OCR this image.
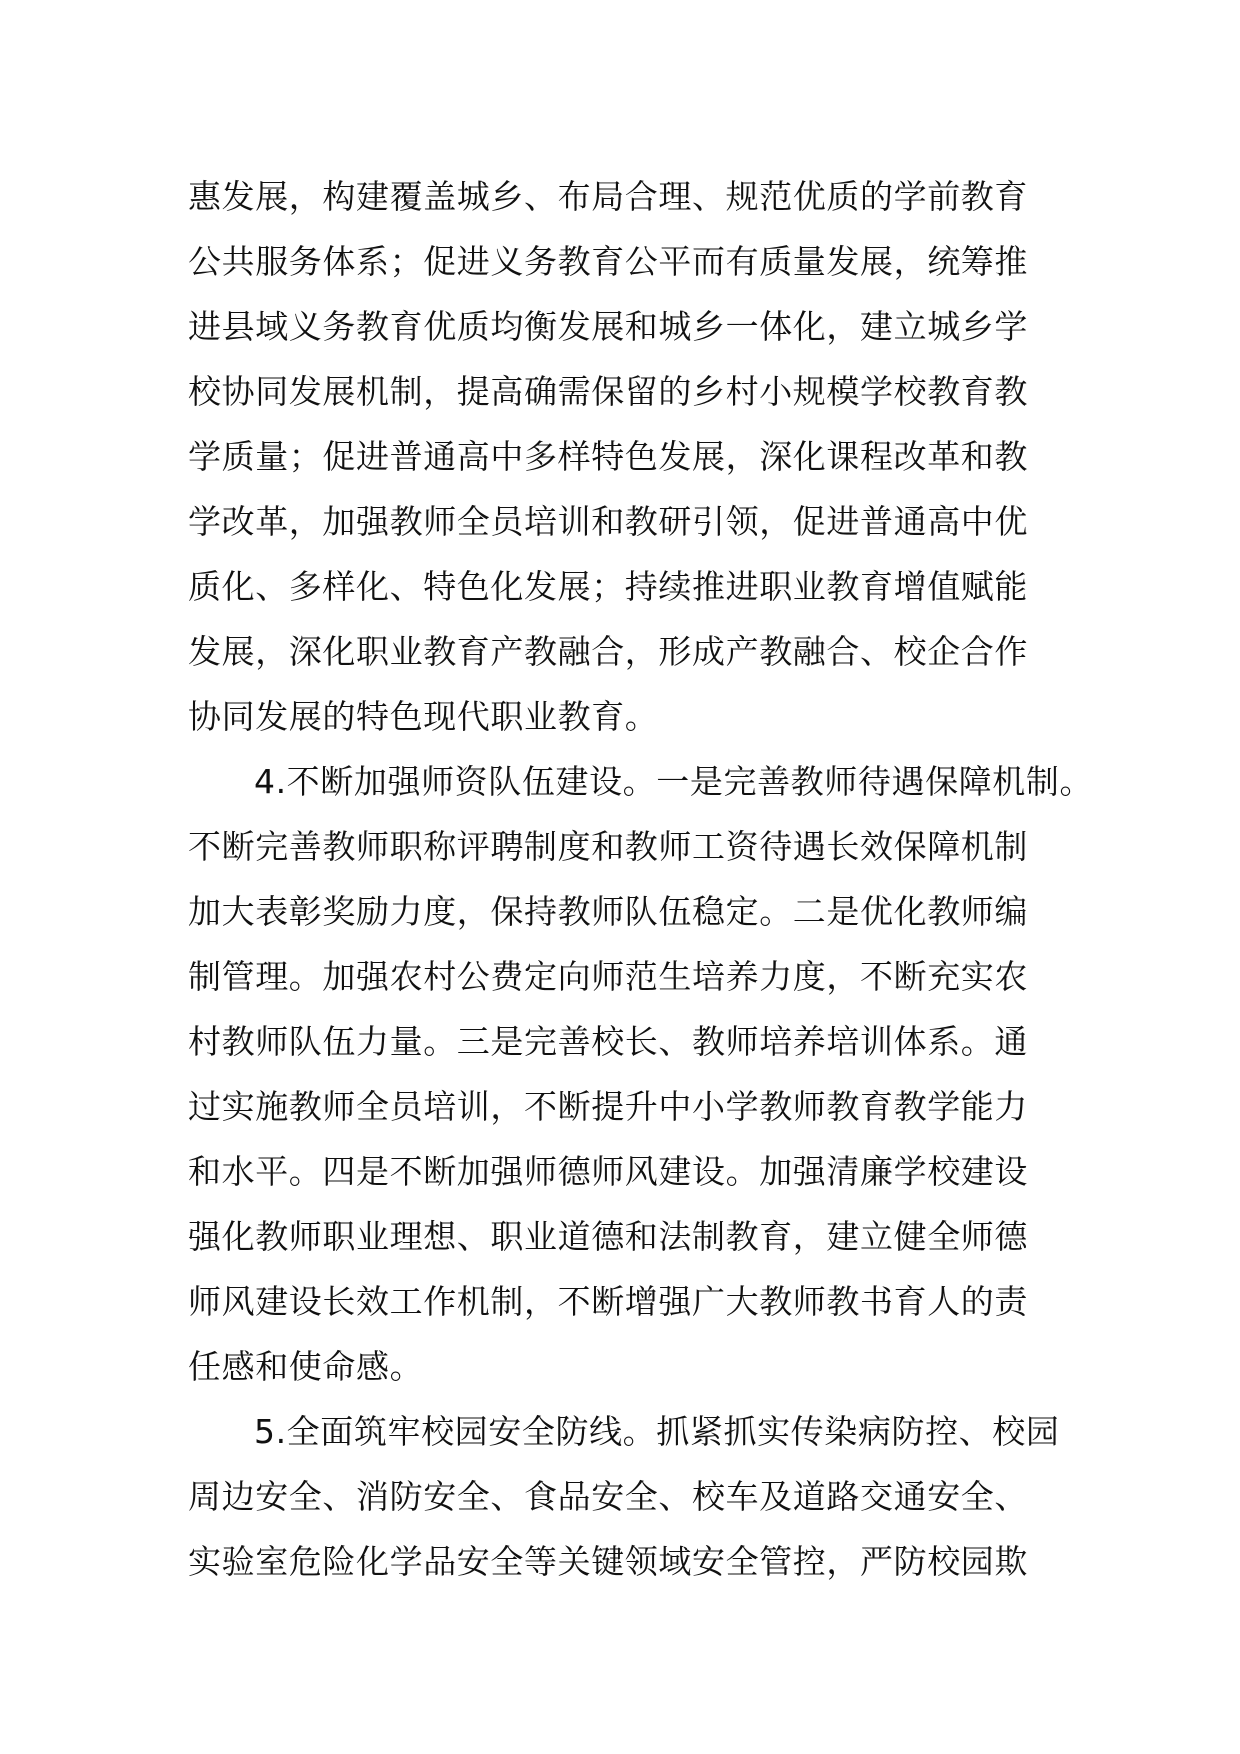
惠发展，构建覆盖城乡、布局合理、规范优质的学前教育
公共服务体系；促进义务教育公平而有质量发展，统筹推
进县域义务教育优质均衡发展和城乡一体化，建立城乡学
校协同发展机制，提高确需保留的乡村小规模学校教育教
学质量；促进普通高中多样特色发展，深化课程改革和教
学改革，加强教师全员培训和教研引领，促进普通高中优
质化、多样化、特色化发展；持续推进职业教育增值赋能
发展，深化职业教育产教融合，形成产教融合、校企合作
协同发展的特色现代职业教育。
4.不断加强师资队伍建设。一是完善教师待遇保障机制。
不断完善教师职称评聘制度和教师工资待遇长效保障机制
加大表彰奖励力度，保持教师队伍稳定。二是优化教师编
制管理。加强农村公费定向师范生培养力度，不断充实农
村教师队伍力量。三是完善校长、教师培养培训体系。通
过实施教师全员培训，不断提升中小学教师教育教学能力
和水平。四是不断加强师德师风建设。加强清廉学校建设
强化教师职业理想、职业道德和法制教育，建立健全师德
师风建设长效工作机制，不断增强广大教师教书育人的责
任感和使命感。
5.全面筑牢校园安全防线。抓紧抓实传染病防控、校园
周边安全、消防安全、食品安全、校车及道路交通安全、
实验室危险化学品安全等关键领域安全管控，严防校园欺
